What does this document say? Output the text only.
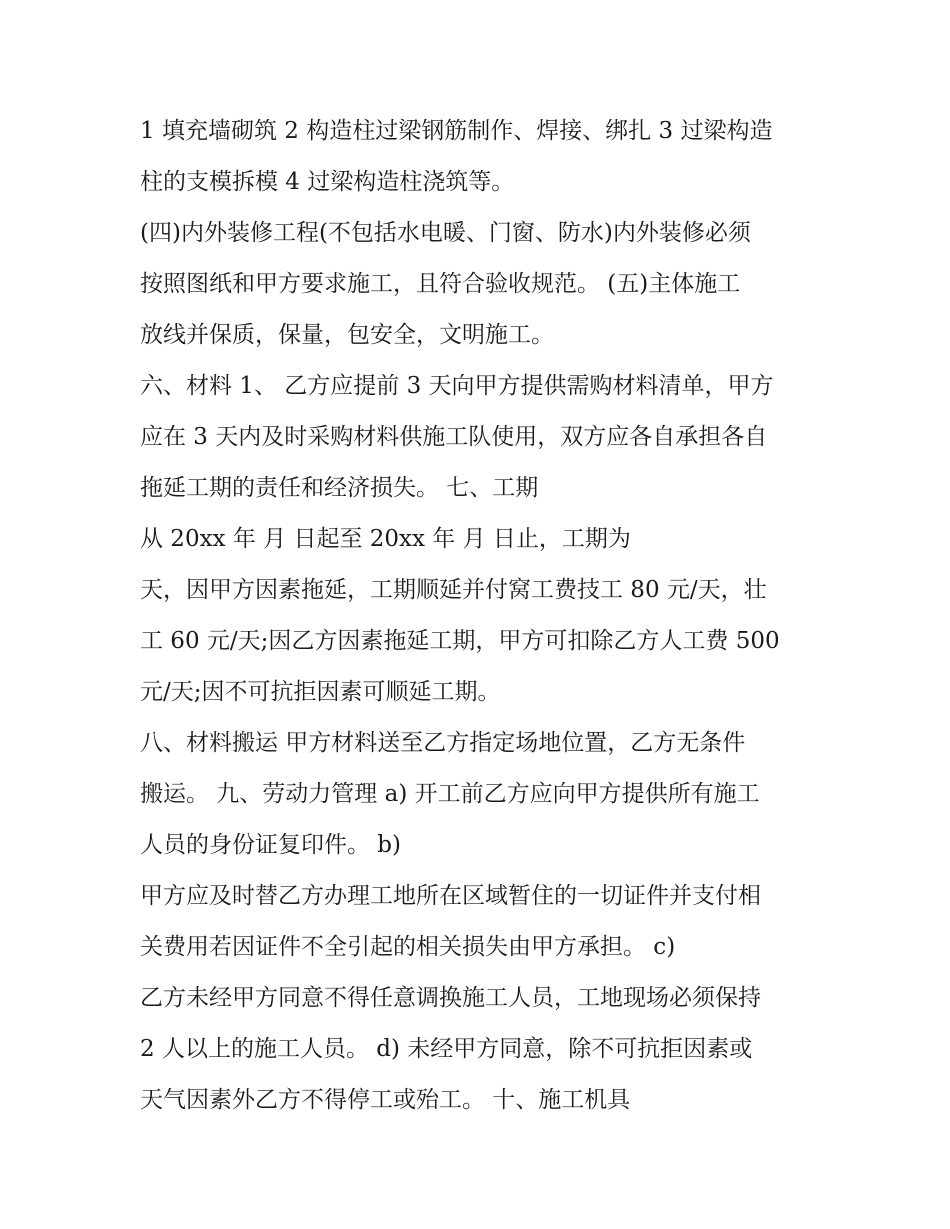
1 填充墙砌筑 2 构造柱过梁钢筋制作、焊接、绑扎 3 过梁构造
柱的支模拆模 4 过梁构造柱浇筑等。
(四)内外装修工程(不包括水电暖、门窗、防水)内外装修必须
按照图纸和甲方要求施工，且符合验收规范。 (五)主体施工
放线并保质，保量，包安全，文明施工。
六、材料 1、 乙方应提前 3 天向甲方提供需购材料清单，甲方
应在 3 天内及时采购材料供施工队使用，双方应各自承担各自
拖延工期的责任和经济损失。 七、工期
从 20xx 年 月 日起至 20xx 年 月 日止，工期为
天，因甲方因素拖延，工期顺延并付窝工费技工 80 元/天，壮
工 60 元/天;因乙方因素拖延工期，甲方可扣除乙方人工费 500
元/天;因不可抗拒因素可顺延工期。
八、材料搬运 甲方材料送至乙方指定场地位置，乙方无条件
搬运。 九、劳动力管理 a) 开工前乙方应向甲方提供所有施工
人员的身份证复印件。 b)
甲方应及时替乙方办理工地所在区域暂住的一切证件并支付相
关费用若因证件不全引起的相关损失由甲方承担。 c)
乙方未经甲方同意不得任意调换施工人员，工地现场必须保持
2 人以上的施工人员。 d) 未经甲方同意，除不可抗拒因素或
天气因素外乙方不得停工或殆工。 十、施工机具
